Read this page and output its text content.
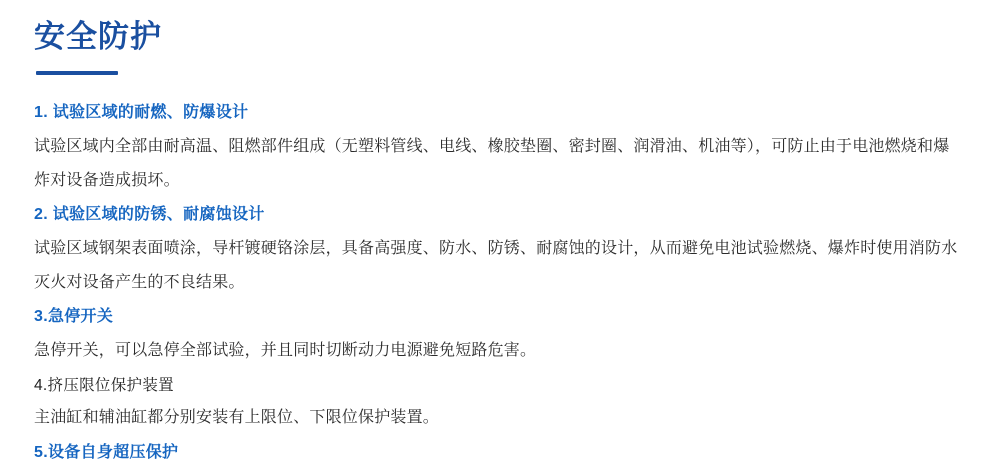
安全防护

1. 试验区域的耐燃、防爆设计

试验区域内全部由耐高温、阻燃部件组成（无塑料管线、电线、橡胶垫圈、密封圈、润滑油、机油等），可防止由于电池燃烧和爆炸对设备造成损坏。

2. 试验区域的防锈、耐腐蚀设计

试验区域钢架表面喷涂，导杆镀硬铬涂层，具备高强度、防水、防锈、耐腐蚀的设计，从而避免电池试验燃烧、爆炸时使用消防水灭火对设备产生的不良结果。

3.急停开关

急停开关，可以急停全部试验，并且同时切断动力电源避免短路危害。

4.挤压限位保护装置

主油缸和辅油缸都分别安装有上限位、下限位保护装置。

5.设备自身超压保护
